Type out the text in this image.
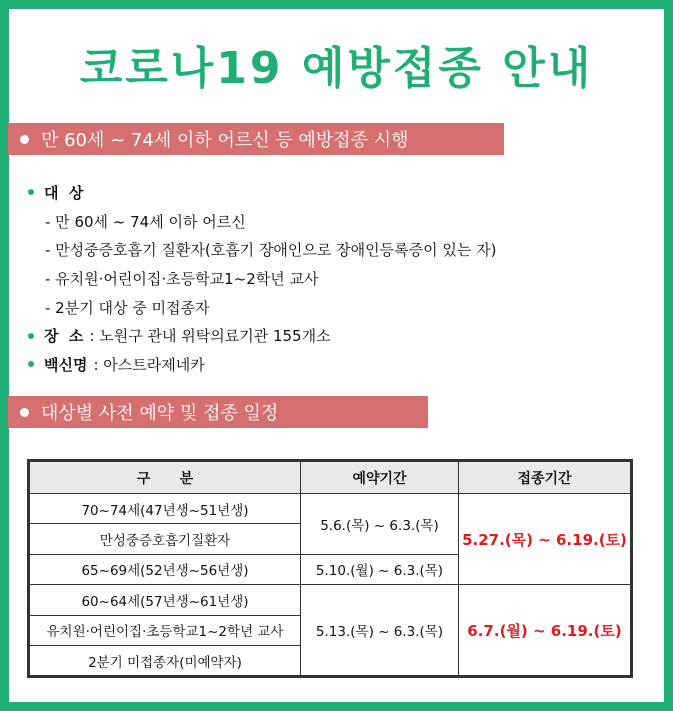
코로나19 예방접종 안내
만 60세 ~ 74세 이하 어르신 등 예방접종 시행
대  상
- 만 60세 ~ 74세 이하 어르신
- 만성중증호흡기 질환자(호흡기 장애인으로 장애인등록증이 있는 자)
- 유치원·어린이집·초등학교1~2학년 교사
- 2분기 대상 중 미접종자
장  소 : 노원구 관내 위탁의료기관 155개소
백신명 : 아스트라제네카
대상별 사전 예약 및 접종 일정
구      분	예약기간	접종기간
70~74세(47년생~51년생)	5.6.(목) ~ 6.3.(목)	5.27.(목) ~ 6.19.(토)
만성중증호흡기질환자		
65~69세(52년생~56년생)	5.10.(월) ~ 6.3.(목)	
60~64세(57년생~61년생)	5.13.(목) ~ 6.3.(목)	6.7.(월) ~ 6.19.(토)
유치원·어린이집·초등학교1~2학년 교사		
2분기 미접종자(미예약자)		
